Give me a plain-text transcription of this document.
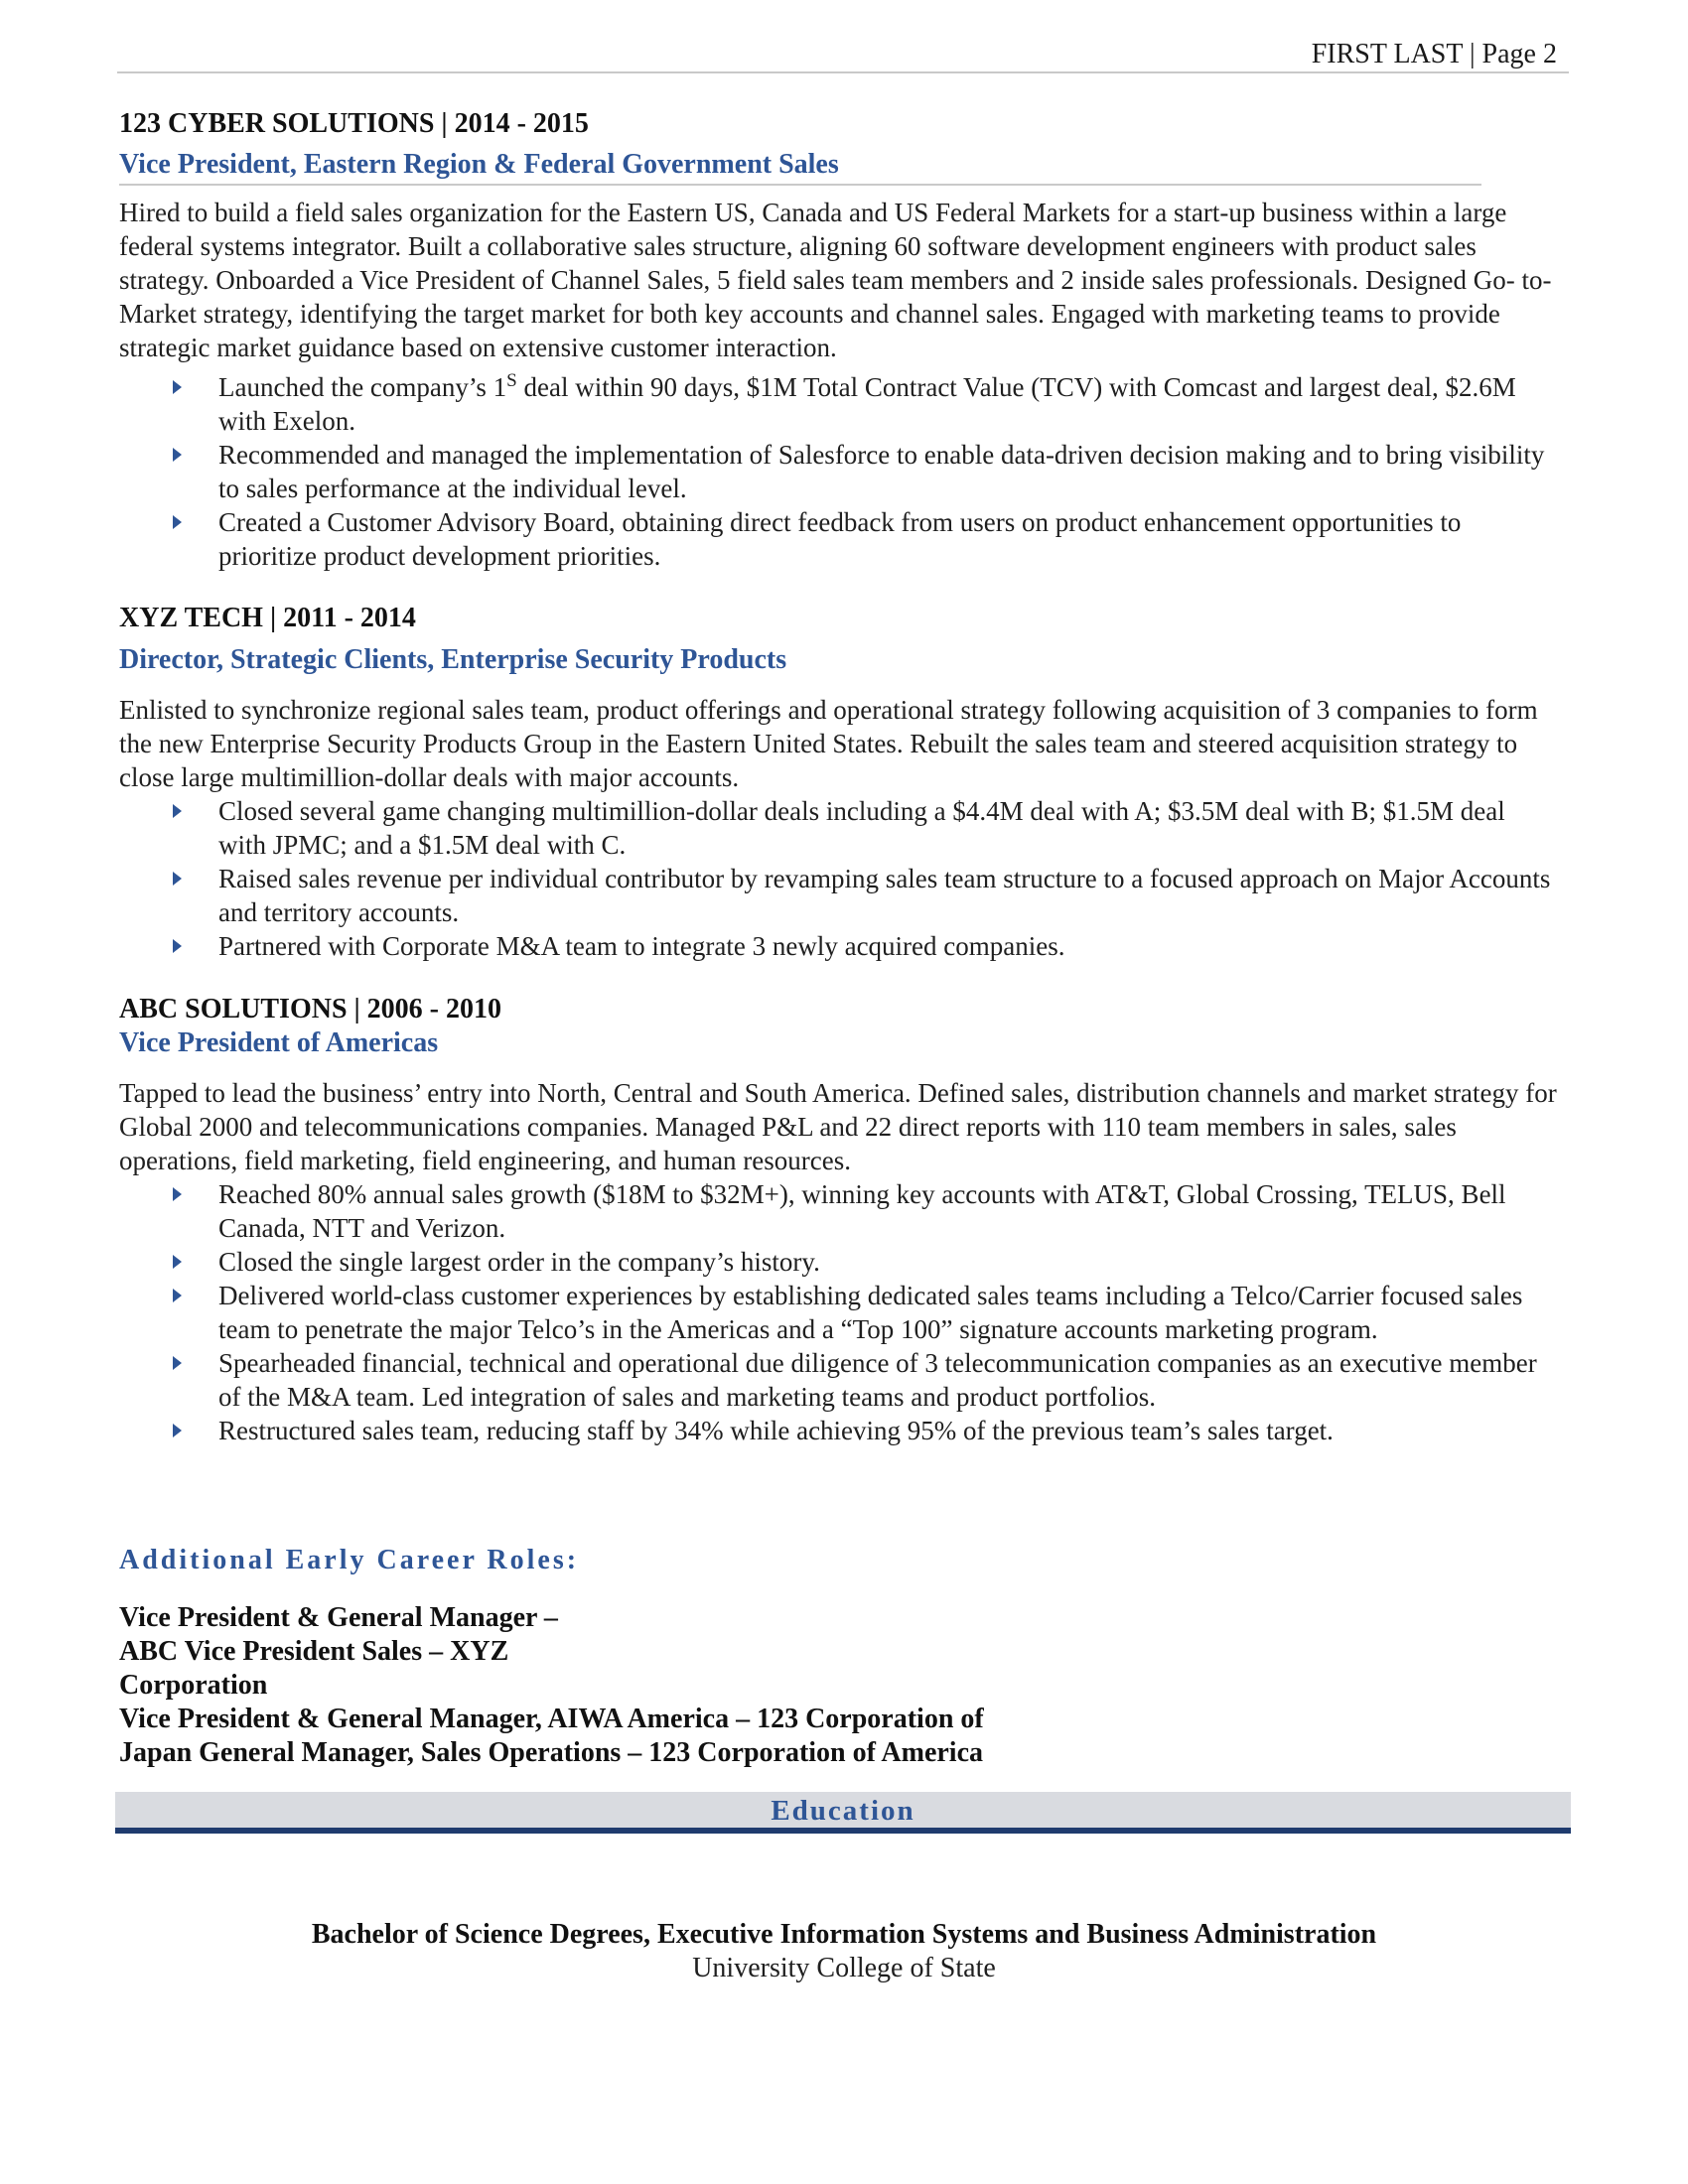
FIRST LAST | Page 2
123 CYBER SOLUTIONS | 2014 - 2015
Vice President, Eastern Region & Federal Government Sales

Hired to build a field sales organization for the Eastern US, Canada and US Federal Markets for a start-up business within a large federal systems integrator. Built a collaborative sales structure, aligning 60 software development engineers with product sales strategy. Onboarded a Vice President of Channel Sales, 5 field sales team members and 2 inside sales professionals. Designed Go- to-Market strategy, identifying the target market for both key accounts and channel sales. Engaged with marketing teams to provide strategic market guidance based on extensive customer interaction.

Launched the company’s $1^S$ deal within 90 days, $1M Total Contract Value (TCV) with Comcast and largest deal, $2.6M with Exelon.
Recommended and managed the implementation of Salesforce to enable data-driven decision making and to bring visibility to sales performance at the individual level.
Created a Customer Advisory Board, obtaining direct feedback from users on product enhancement opportunities to prioritize product development priorities.
XYZ TECH | 2011 - 2014
Director, Strategic Clients, Enterprise Security Products

Enlisted to synchronize regional sales team, product offerings and operational strategy following acquisition of 3 companies to form the new Enterprise Security Products Group in the Eastern United States. Rebuilt the sales team and steered acquisition strategy to close large multimillion-dollar deals with major accounts.

Closed several game changing multimillion-dollar deals including a $4.4M deal with A; $3.5M deal with B; $1.5M deal with JPMC; and a $1.5M deal with C.
Raised sales revenue per individual contributor by revamping sales team structure to a focused approach on Major Accounts and territory accounts.
Partnered with Corporate M&A team to integrate 3 newly acquired companies.
ABC SOLUTIONS | 2006 - 2010
Vice President of Americas

Tapped to lead the business’ entry into North, Central and South America. Defined sales, distribution channels and market strategy for Global 2000 and telecommunications companies. Managed P&L and 22 direct reports with 110 team members in sales, sales operations, field marketing, field engineering, and human resources.

Reached 80% annual sales growth ($18M to $32M+), winning key accounts with AT&T, Global Crossing, TELUS, Bell Canada, NTT and Verizon.
Closed the single largest order in the company’s history.
Delivered world-class customer experiences by establishing dedicated sales teams including a Telco/Carrier focused sales team to penetrate the major Telco’s in the Americas and a “Top 100” signature accounts marketing program.
Spearheaded financial, technical and operational due diligence of 3 telecommunication companies as an executive member of the M&A team. Led integration of sales and marketing teams and product portfolios.
Restructured sales team, reducing staff by 34% while achieving 95% of the previous team’s sales target.
Additional Early Career Roles:
Vice President & General Manager –
ABC Vice President Sales – XYZ
Corporation
Vice President & General Manager, AIWA America – 123 Corporation of
Japan General Manager, Sales Operations – 123 Corporation of America
Education
Bachelor of Science Degrees, Executive Information Systems and Business Administration
University College of State
